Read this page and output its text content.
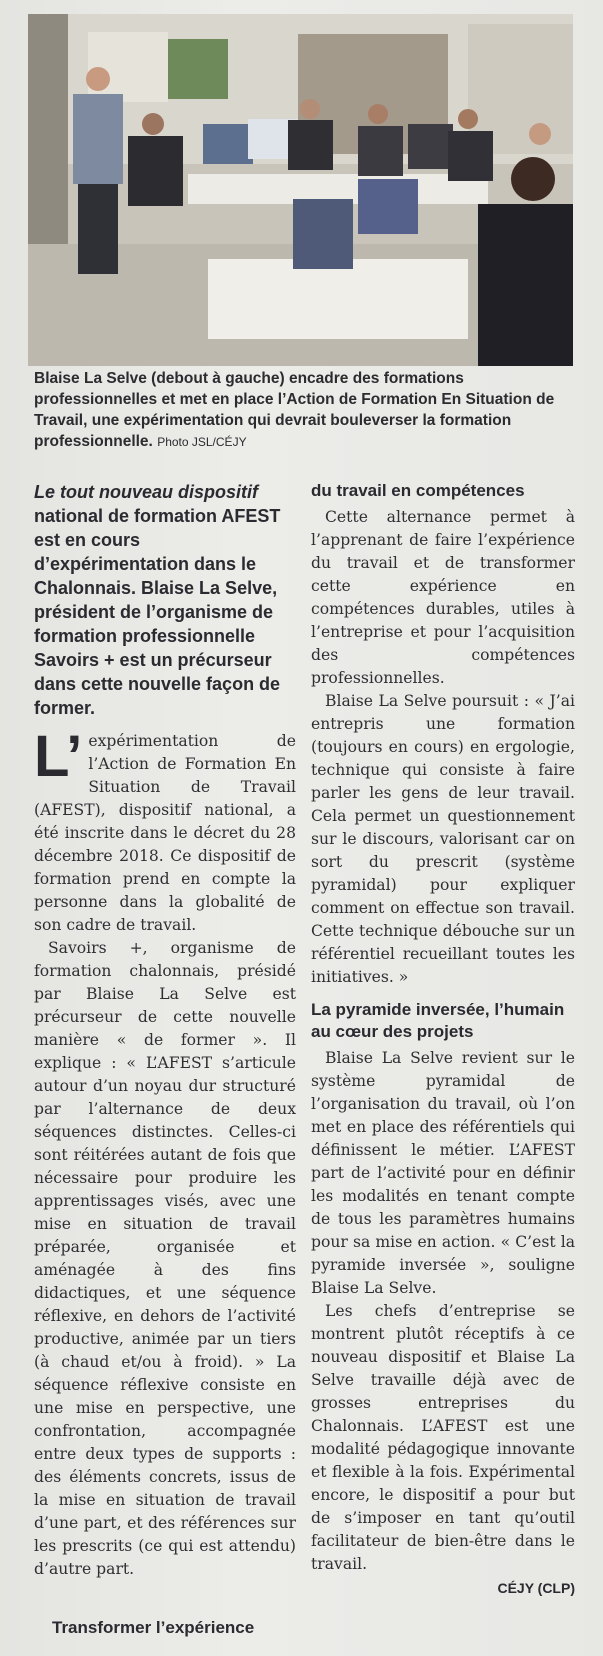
Blaise La Selve (debout à gauche) encadre des formations professionnelles et met en place l’Action de Formation En Situation de Travail, une expérimentation qui devrait bouleverser la formation professionnelle. Photo JSL/CÉJY

Le tout nouveau dispositif national de formation AFEST est en cours d’expérimentation dans le Chalonnais. Blaise La Selve, président de l’organisme de formation professionnelle Savoirs + est un précurseur dans cette nouvelle façon de former.

L’ expérimentation de l’Action de Formation En Situation de Travail (AFEST), dispositif national, a été inscrite dans le décret du 28 décembre 2018. Ce dispositif de formation prend en compte la personne dans la globalité de son cadre de travail.

Savoirs +, organisme de formation chalonnais, présidé par Blaise La Selve est précurseur de cette nouvelle manière « de former ». Il explique : « L’AFEST s’articule autour d’un noyau dur structuré par l’alternance de deux séquences distinctes. Celles-ci sont réitérées autant de fois que nécessaire pour produire les apprentissages visés, avec une mise en situation de travail préparée, organisée et aménagée à des fins didactiques, et une séquence réflexive, en dehors de l’activité productive, animée par un tiers (à chaud et/ou à froid). » La séquence réflexive consiste en une mise en perspective, une confrontation, accompagnée entre deux types de supports : des éléments concrets, issus de la mise en situation de travail d’une part, et des références sur les prescrits (ce qui est attendu) d’autre part.

du travail en compétences

Cette alternance permet à l’apprenant de faire l’expérience du travail et de transformer cette expérience en compétences durables, utiles à l’entreprise et pour l’acquisition des compétences professionnelles.

Blaise La Selve poursuit : « J’ai entrepris une formation (toujours en cours) en ergologie, technique qui consiste à faire parler les gens de leur travail. Cela permet un questionnement sur le discours, valorisant car on sort du prescrit (système pyramidal) pour expliquer comment on effectue son travail. Cette technique débouche sur un référentiel recueillant toutes les initiatives. »

La pyramide inversée, l’humain au cœur des projets

Blaise La Selve revient sur le système pyramidal de l’organisation du travail, où l’on met en place des référentiels qui définissent le métier. L’AFEST part de l’activité pour en définir les modalités en tenant compte de tous les paramètres humains pour sa mise en action. « C’est la pyramide inversée », souligne Blaise La Selve.

Les chefs d’entreprise se montrent plutôt réceptifs à ce nouveau dispositif et Blaise La Selve travaille déjà avec de grosses entreprises du Chalonnais. L’AFEST est une modalité pédagogique innovante et flexible à la fois. Expérimental encore, le dispositif a pour but de s’imposer en tant qu’outil facilitateur de bien-être dans le travail.

CÉJY (CLP)
Transformer l’expérience
